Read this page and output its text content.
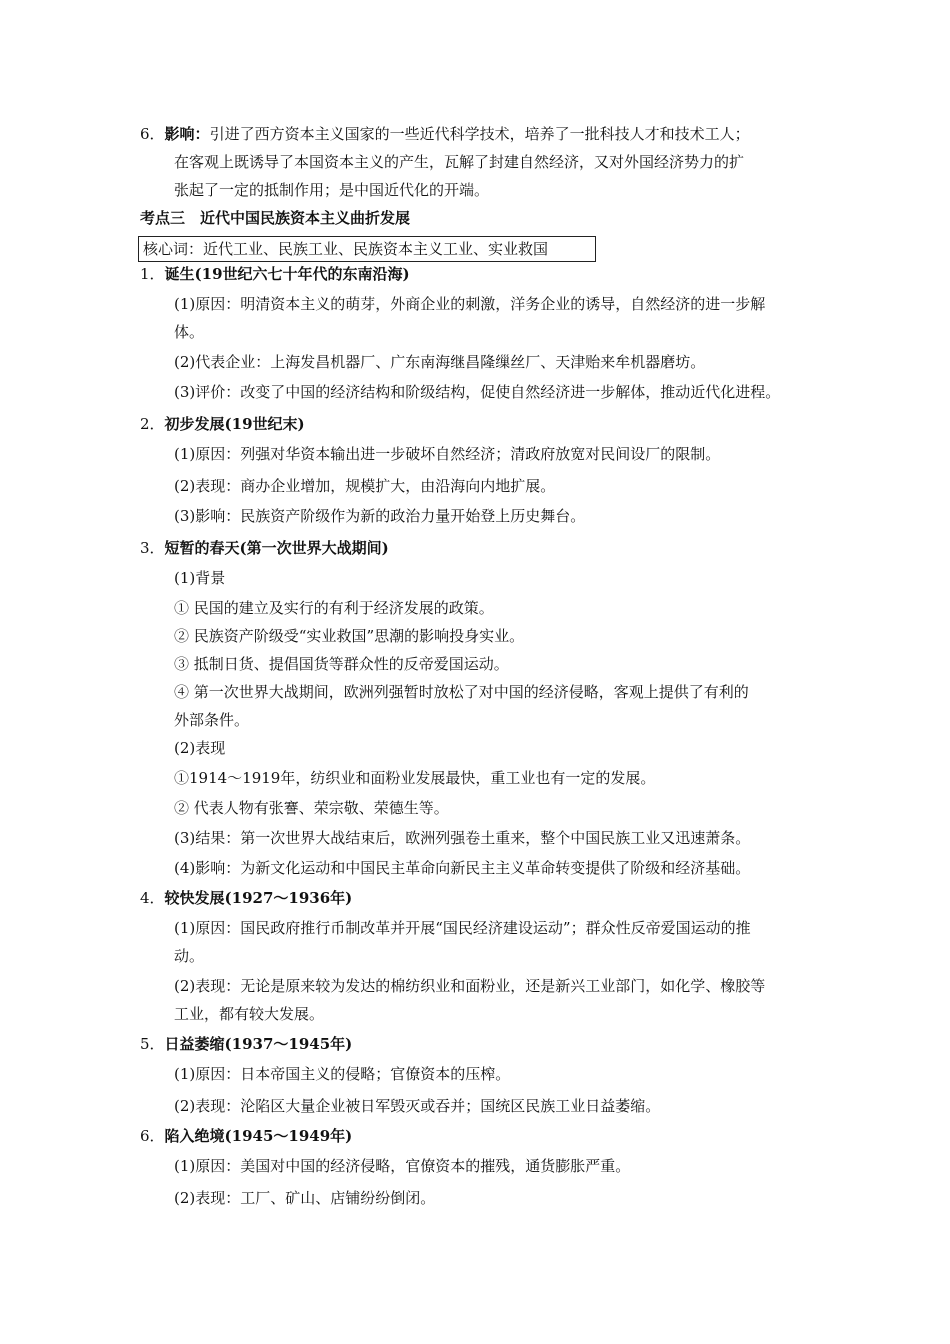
6．影响：引进了西方资本主义国家的一些近代科学技术，培养了一批科技人才和技术工人；
在客观上既诱导了本国资本主义的产生，瓦解了封建自然经济，又对外国经济势力的扩
张起了一定的抵制作用；是中国近代化的开端。
考点三　近代中国民族资本主义曲折发展
核心词：近代工业、民族工业、民族资本主义工业、实业救国
1．诞生(19世纪六七十年代的东南沿海)
(1)原因：明清资本主义的萌芽，外商企业的刺激，洋务企业的诱导，自然经济的进一步解
体。
(2)代表企业：上海发昌机器厂、广东南海继昌隆缫丝厂、天津贻来牟机器磨坊。
(3)评价：改变了中国的经济结构和阶级结构，促使自然经济进一步解体，推动近代化进程。
2．初步发展(19世纪末)
(1)原因：列强对华资本输出进一步破坏自然经济；清政府放宽对民间设厂的限制。
(2)表现：商办企业增加，规模扩大，由沿海向内地扩展。
(3)影响：民族资产阶级作为新的政治力量开始登上历史舞台。
3．短暂的春天(第一次世界大战期间)
(1)背景
① 民国的建立及实行的有利于经济发展的政策。
② 民族资产阶级受“实业救国”思潮的影响投身实业。
③ 抵制日货、提倡国货等群众性的反帝爱国运动。
④ 第一次世界大战期间，欧洲列强暂时放松了对中国的经济侵略，客观上提供了有利的
外部条件。
(2)表现
①1914～1919年，纺织业和面粉业发展最快，重工业也有一定的发展。
② 代表人物有张謇、荣宗敬、荣德生等。
(3)结果：第一次世界大战结束后，欧洲列强卷土重来，整个中国民族工业又迅速萧条。
(4)影响：为新文化运动和中国民主革命向新民主主义革命转变提供了阶级和经济基础。
4．较快发展(1927～1936年)
(1)原因：国民政府推行币制改革并开展“国民经济建设运动”；群众性反帝爱国运动的推
动。
(2)表现：无论是原来较为发达的棉纺织业和面粉业，还是新兴工业部门，如化学、橡胶等
工业，都有较大发展。
5．日益萎缩(1937～1945年)
(1)原因：日本帝国主义的侵略；官僚资本的压榨。
(2)表现：沦陷区大量企业被日军毁灭或吞并；国统区民族工业日益萎缩。
6．陷入绝境(1945～1949年)
(1)原因：美国对中国的经济侵略，官僚资本的摧残，通货膨胀严重。
(2)表现：工厂、矿山、店铺纷纷倒闭。
